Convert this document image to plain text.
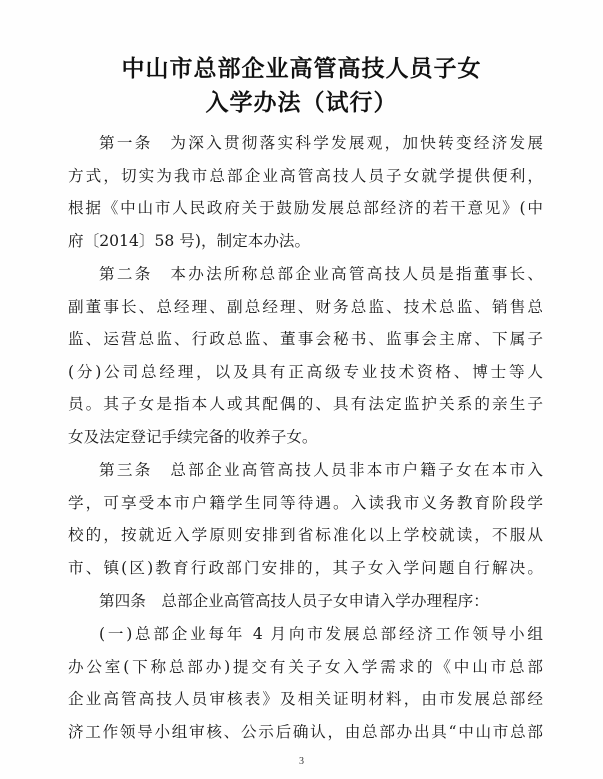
中山市总部企业高管高技人员子女
入学办法（试行）
第一条　为深入贯彻落实科学发展观，加快转变经济发展
方式，切实为我市总部企业高管高技人员子女就学提供便利，
根据《中山市人民政府关于鼓励发展总部经济的若干意见》(中
府〔2014〕58 号)，制定本办法。
第二条　本办法所称总部企业高管高技人员是指董事长、
副董事长、总经理、副总经理、财务总监、技术总监、销售总
监、运营总监、行政总监、董事会秘书、监事会主席、下属子
(分)公司总经理，以及具有正高级专业技术资格、博士等人
员。其子女是指本人或其配偶的、具有法定监护关系的亲生子
女及法定登记手续完备的收养子女。
第三条　总部企业高管高技人员非本市户籍子女在本市入
学，可享受本市户籍学生同等待遇。入读我市义务教育阶段学
校的，按就近入学原则安排到省标准化以上学校就读，不服从
市、镇(区)教育行政部门安排的，其子女入学问题自行解决。
第四条　总部企业高管高技人员子女申请入学办理程序：
(一)总部企业每年 4 月向市发展总部经济工作领导小组
办公室(下称总部办)提交有关子女入学需求的《中山市总部
企业高管高技人员审核表》及相关证明材料，由市发展总部经
济工作领导小组审核、公示后确认，由总部办出具“中山市总部
3
